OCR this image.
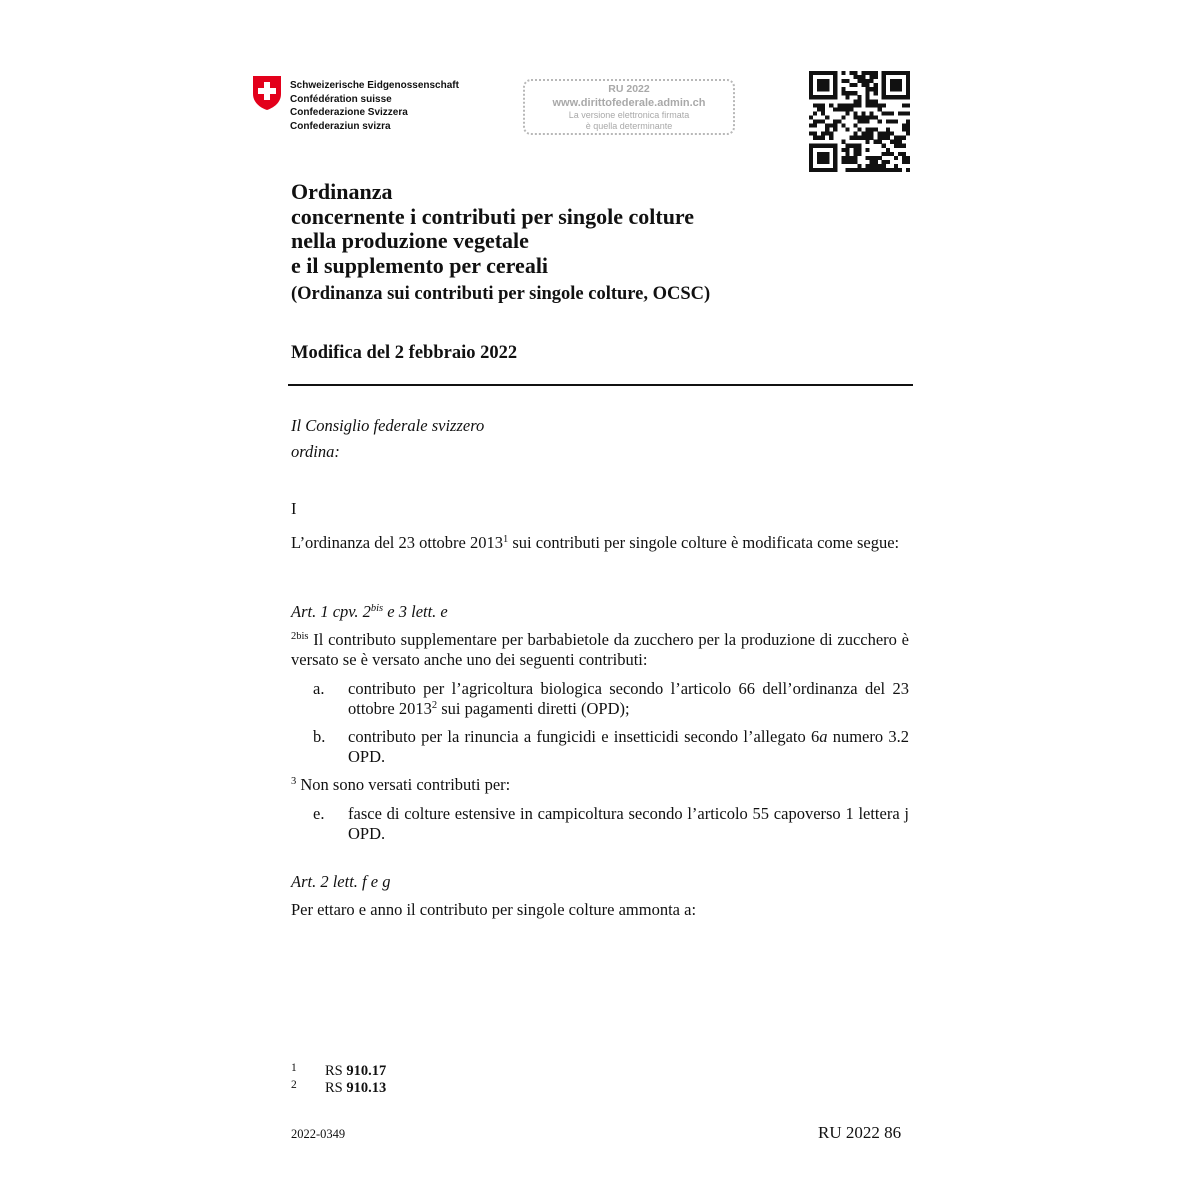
Schweizerische Eidgenossenschaft
Confédération suisse
Confederazione Svizzera
Confederaziun svizra
RU 2022
www.dirittofederale.admin.ch
La versione elettronica firmata
è quella determinante
Ordinanza
concernente i contributi per singole colture
nella produzione vegetale
e il supplemento per cereali
(Ordinanza sui contributi per singole colture, OCSC)
Modifica del 2 febbraio 2022
Il Consiglio federale svizzero
ordina:
I
L’ordinanza del 23 ottobre 2013$^1$ sui contributi per singole colture è modificata come segue:
Art. 1 cpv. $2^{bis}$ e 3 lett. e
$^{2bis}$ Il contributo supplementare per barbabietole da zucchero per la produzione di zucchero è versato se è versato anche uno dei seguenti contributi:
a. contributo per l’agricoltura biologica secondo l’articolo 66 dell’ordinanza del 23 ottobre 2013$^2$ sui pagamenti diretti (OPD);
b. contributo per la rinuncia a fungicidi e insetticidi secondo l’allegato 6a numero 3.2 OPD.
$^3$ Non sono versati contributi per:
e. fasce di colture estensive in campicoltura secondo l’articolo 55 capoverso 1 lettera j OPD.
Art. 2 lett. f e g
Per ettaro e anno il contributo per singole colture ammonta a:
1 RS 910.17
2 RS 910.13
2022-0349	RU 2022 86
